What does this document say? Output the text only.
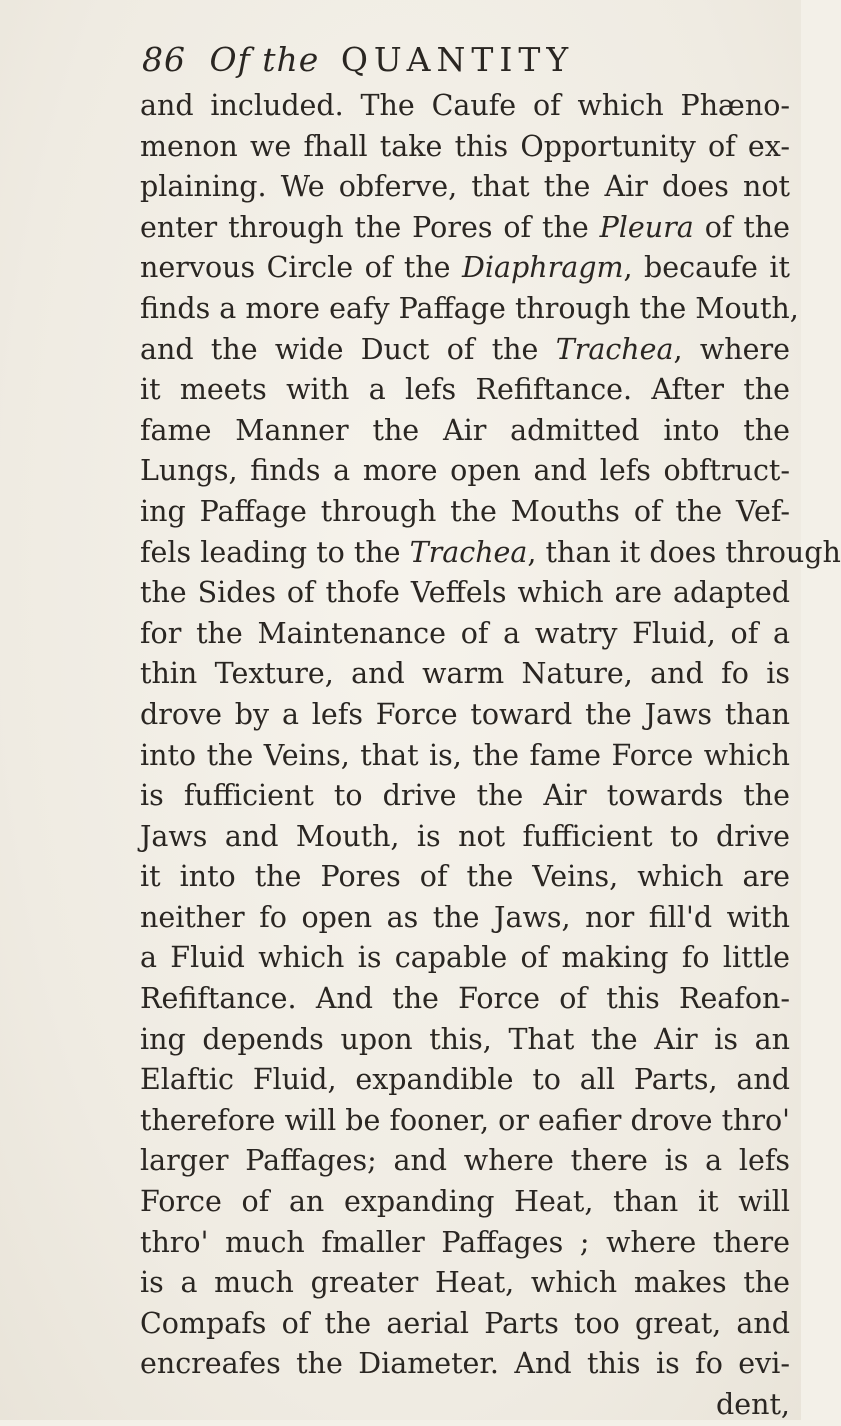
86 Of the QUANTITY
and included. The Caufe of which Phæno-
menon we fhall take this Opportunity of ex-
plaining. We obferve, that the Air does not
enter through the Pores of the Pleura of the
nervous Circle of the Diaphragm, becaufe it
finds a more eafy Paffage through the Mouth,
and the wide Duct of the Trachea, where
it meets with a lefs Refiftance. After the
fame Manner the Air admitted into the
Lungs, finds a more open and lefs obftruct-
ing Paffage through the Mouths of the Vef-
fels leading to the Trachea, than it does through
the Sides of thofe Veffels which are adapted
for the Maintenance of a watry Fluid, of a
thin Texture, and warm Nature, and fo is
drove by a lefs Force toward the Jaws than
into the Veins, that is, the fame Force which
is fufficient to drive the Air towards the
Jaws and Mouth, is not fufficient to drive
it into the Pores of the Veins, which are
neither fo open as the Jaws, nor fill'd with
a Fluid which is capable of making fo little
Refiftance. And the Force of this Reafon-
ing depends upon this, That the Air is an
Elaftic Fluid, expandible to all Parts, and
therefore will be fooner, or eafier drove thro'
larger Paffages; and where there is a lefs
Force of an expanding Heat, than it will
thro' much fmaller Paffages ; where there
is a much greater Heat, which makes the
Compafs of the aerial Parts too great, and
encreafes the Diameter. And this is fo evi-
dent,
